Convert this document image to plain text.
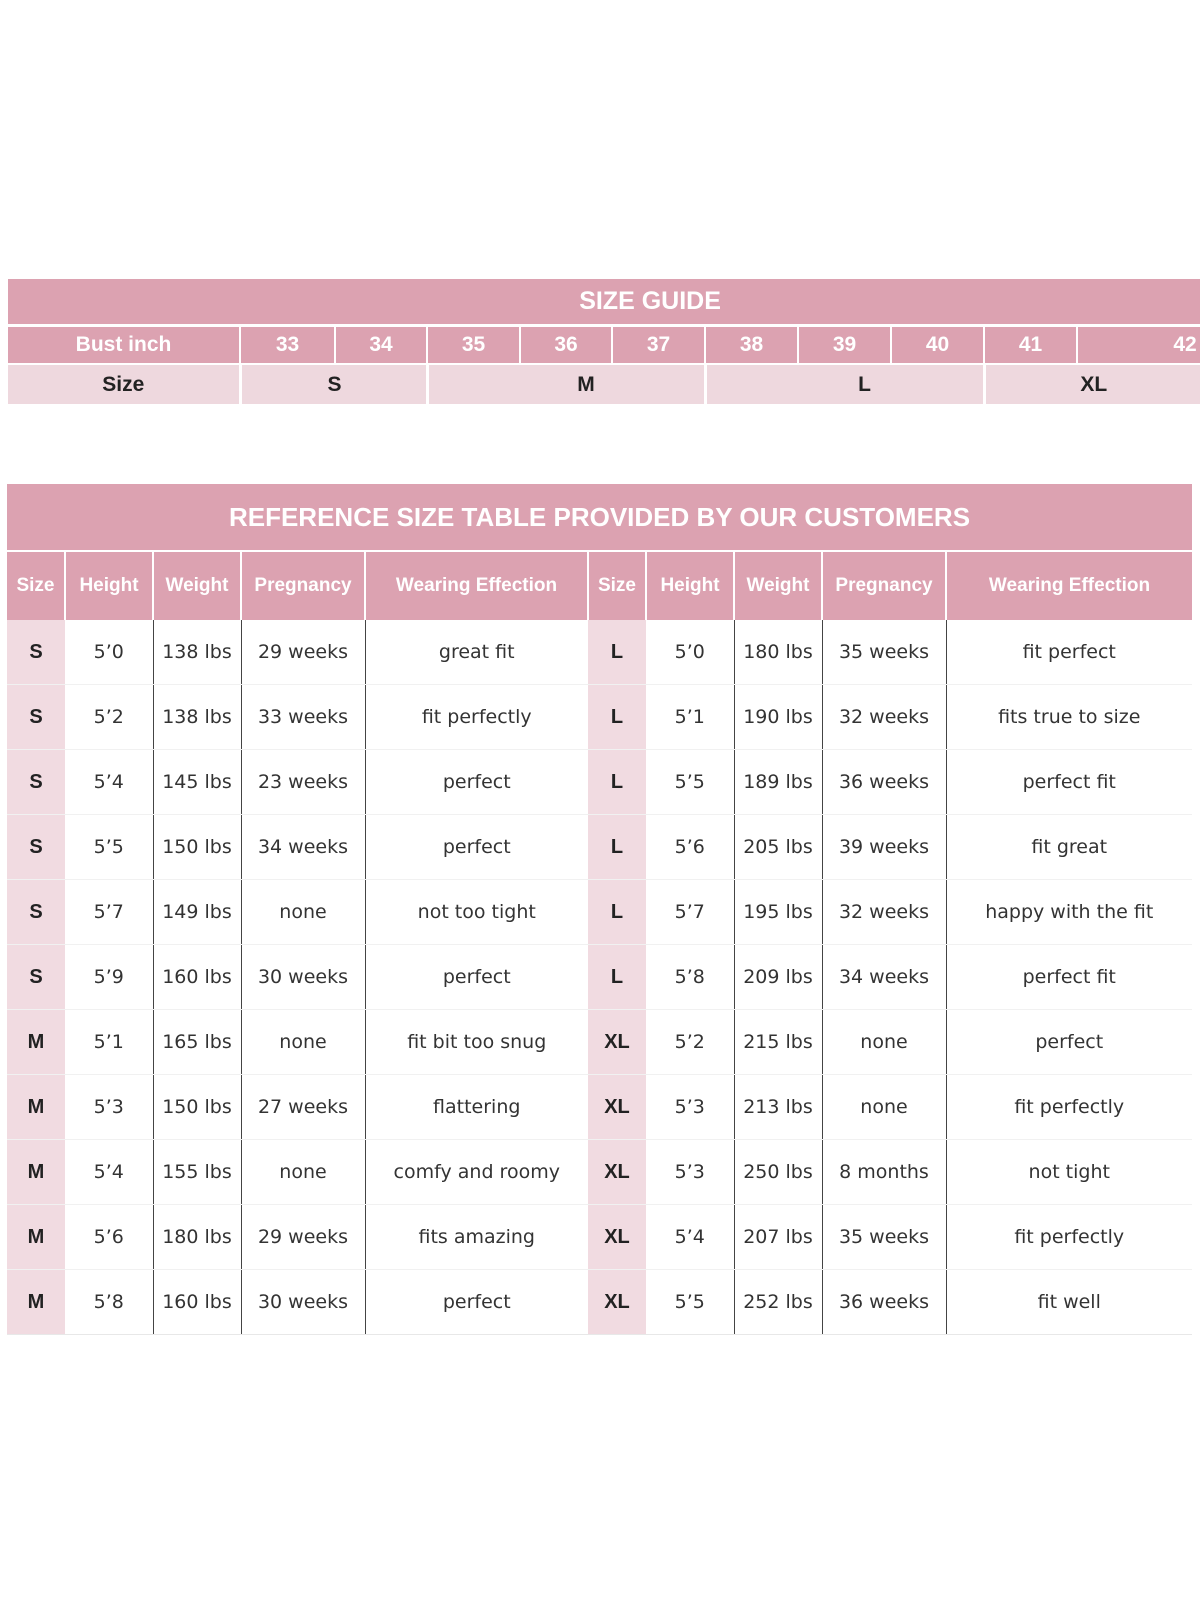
SIZE GUIDE										
Bust inch	33	34	35	36	37	38	39	40	41	42
Size	S		M			L			XL	
REFERENCE SIZE TABLE PROVIDED BY OUR CUSTOMERS									
Size	Height	Weight	Pregnancy	Wearing Effection	Size	Height	Weight	Pregnancy	Wearing Effection
S	5’0	138 lbs	29 weeks	great fit	L	5’0	180 lbs	35 weeks	fit perfect
S	5’2	138 lbs	33 weeks	fit perfectly	L	5’1	190 lbs	32 weeks	fits true to size
S	5’4	145 lbs	23 weeks	perfect	L	5’5	189 lbs	36 weeks	perfect fit
S	5’5	150 lbs	34 weeks	perfect	L	5’6	205 lbs	39 weeks	fit great
S	5’7	149 lbs	none	not too tight	L	5’7	195 lbs	32 weeks	happy with the fit
S	5’9	160 lbs	30 weeks	perfect	L	5’8	209 lbs	34 weeks	perfect fit
M	5’1	165 lbs	none	fit bit too snug	XL	5’2	215 lbs	none	perfect
M	5’3	150 lbs	27 weeks	flattering	XL	5’3	213 lbs	none	fit perfectly
M	5’4	155 lbs	none	comfy and roomy	XL	5’3	250 lbs	8 months	not tight
M	5’6	180 lbs	29 weeks	fits amazing	XL	5’4	207 lbs	35 weeks	fit perfectly
M	5’8	160 lbs	30 weeks	perfect	XL	5’5	252 lbs	36 weeks	fit well
